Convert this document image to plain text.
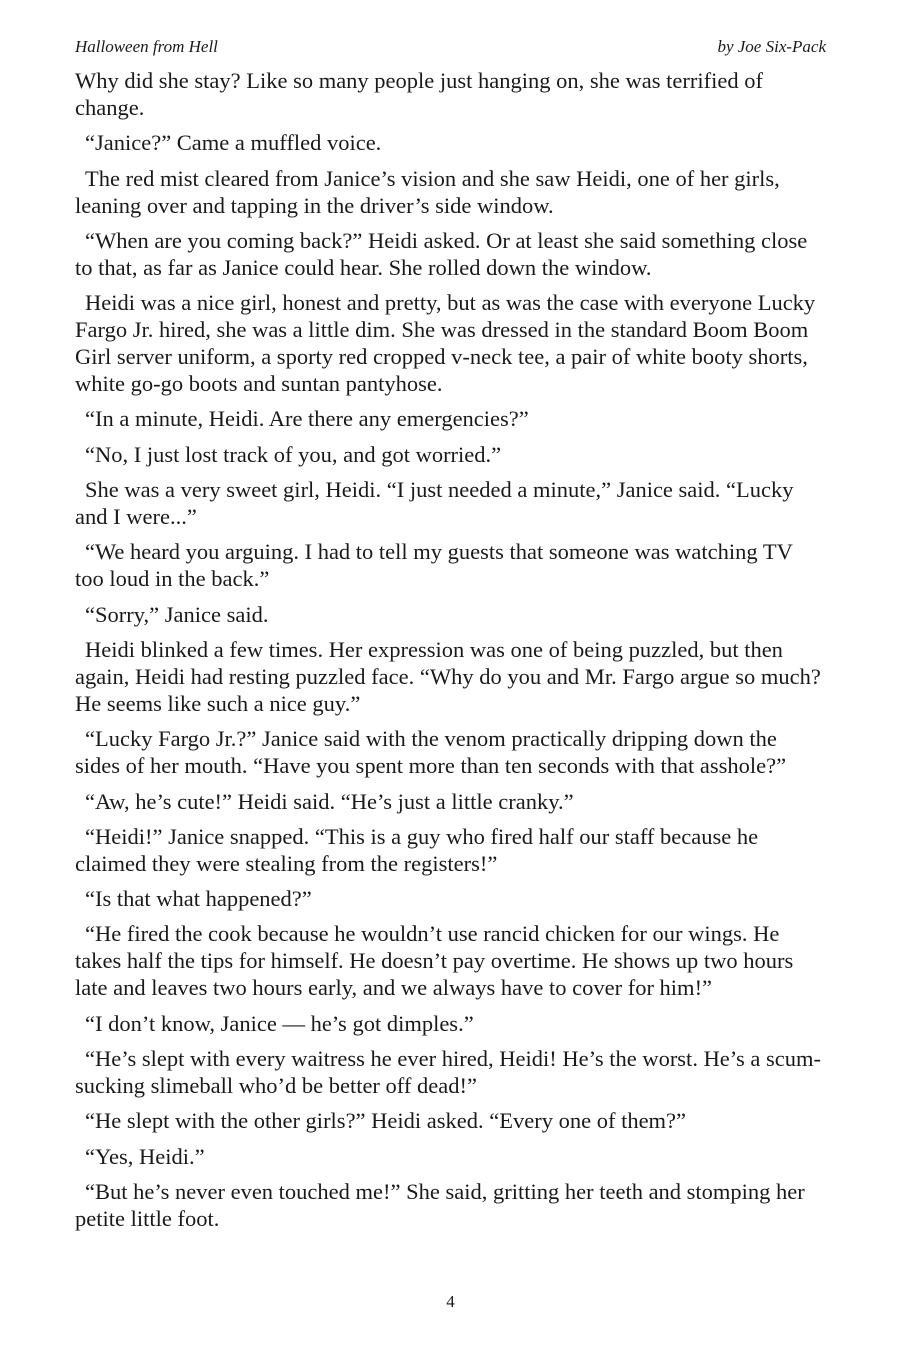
Halloween from Hell	by Joe Six-Pack

Why did she stay? Like so many people just hanging on, she was terrified of change.

“Janice?” Came a muffled voice.

The red mist cleared from Janice’s vision and she saw Heidi, one of her girls, leaning over and tapping in the driver’s side window.

“When are you coming back?” Heidi asked. Or at least she said something close to that, as far as Janice could hear. She rolled down the window.

Heidi was a nice girl, honest and pretty, but as was the case with everyone Lucky Fargo Jr. hired, she was a little dim. She was dressed in the standard Boom Boom Girl server uniform, a sporty red cropped v-neck tee, a pair of white booty shorts, white go-go boots and suntan pantyhose.

“In a minute, Heidi. Are there any emergencies?”

“No, I just lost track of you, and got worried.”

She was a very sweet girl, Heidi. “I just needed a minute,” Janice said. “Lucky and I were...”

“We heard you arguing. I had to tell my guests that someone was watching TV too loud in the back.”

“Sorry,” Janice said.

Heidi blinked a few times. Her expression was one of being puzzled, but then again, Heidi had resting puzzled face. “Why do you and Mr. Fargo argue so much? He seems like such a nice guy.”

“Lucky Fargo Jr.?” Janice said with the venom practically dripping down the sides of her mouth. “Have you spent more than ten seconds with that asshole?”

“Aw, he’s cute!” Heidi said. “He’s just a little cranky.”

“Heidi!” Janice snapped. “This is a guy who fired half our staff because he claimed they were stealing from the registers!”

“Is that what happened?”

“He fired the cook because he wouldn’t use rancid chicken for our wings. He takes half the tips for himself. He doesn’t pay overtime. He shows up two hours late and leaves two hours early, and we always have to cover for him!”

“I don’t know, Janice — he’s got dimples.”

“He’s slept with every waitress he ever hired, Heidi! He’s the worst. He’s a scum-sucking slimeball who’d be better off dead!”

“He slept with the other girls?” Heidi asked. “Every one of them?”

“Yes, Heidi.”

“But he’s never even touched me!” She said, gritting her teeth and stomping her petite little foot.

4
